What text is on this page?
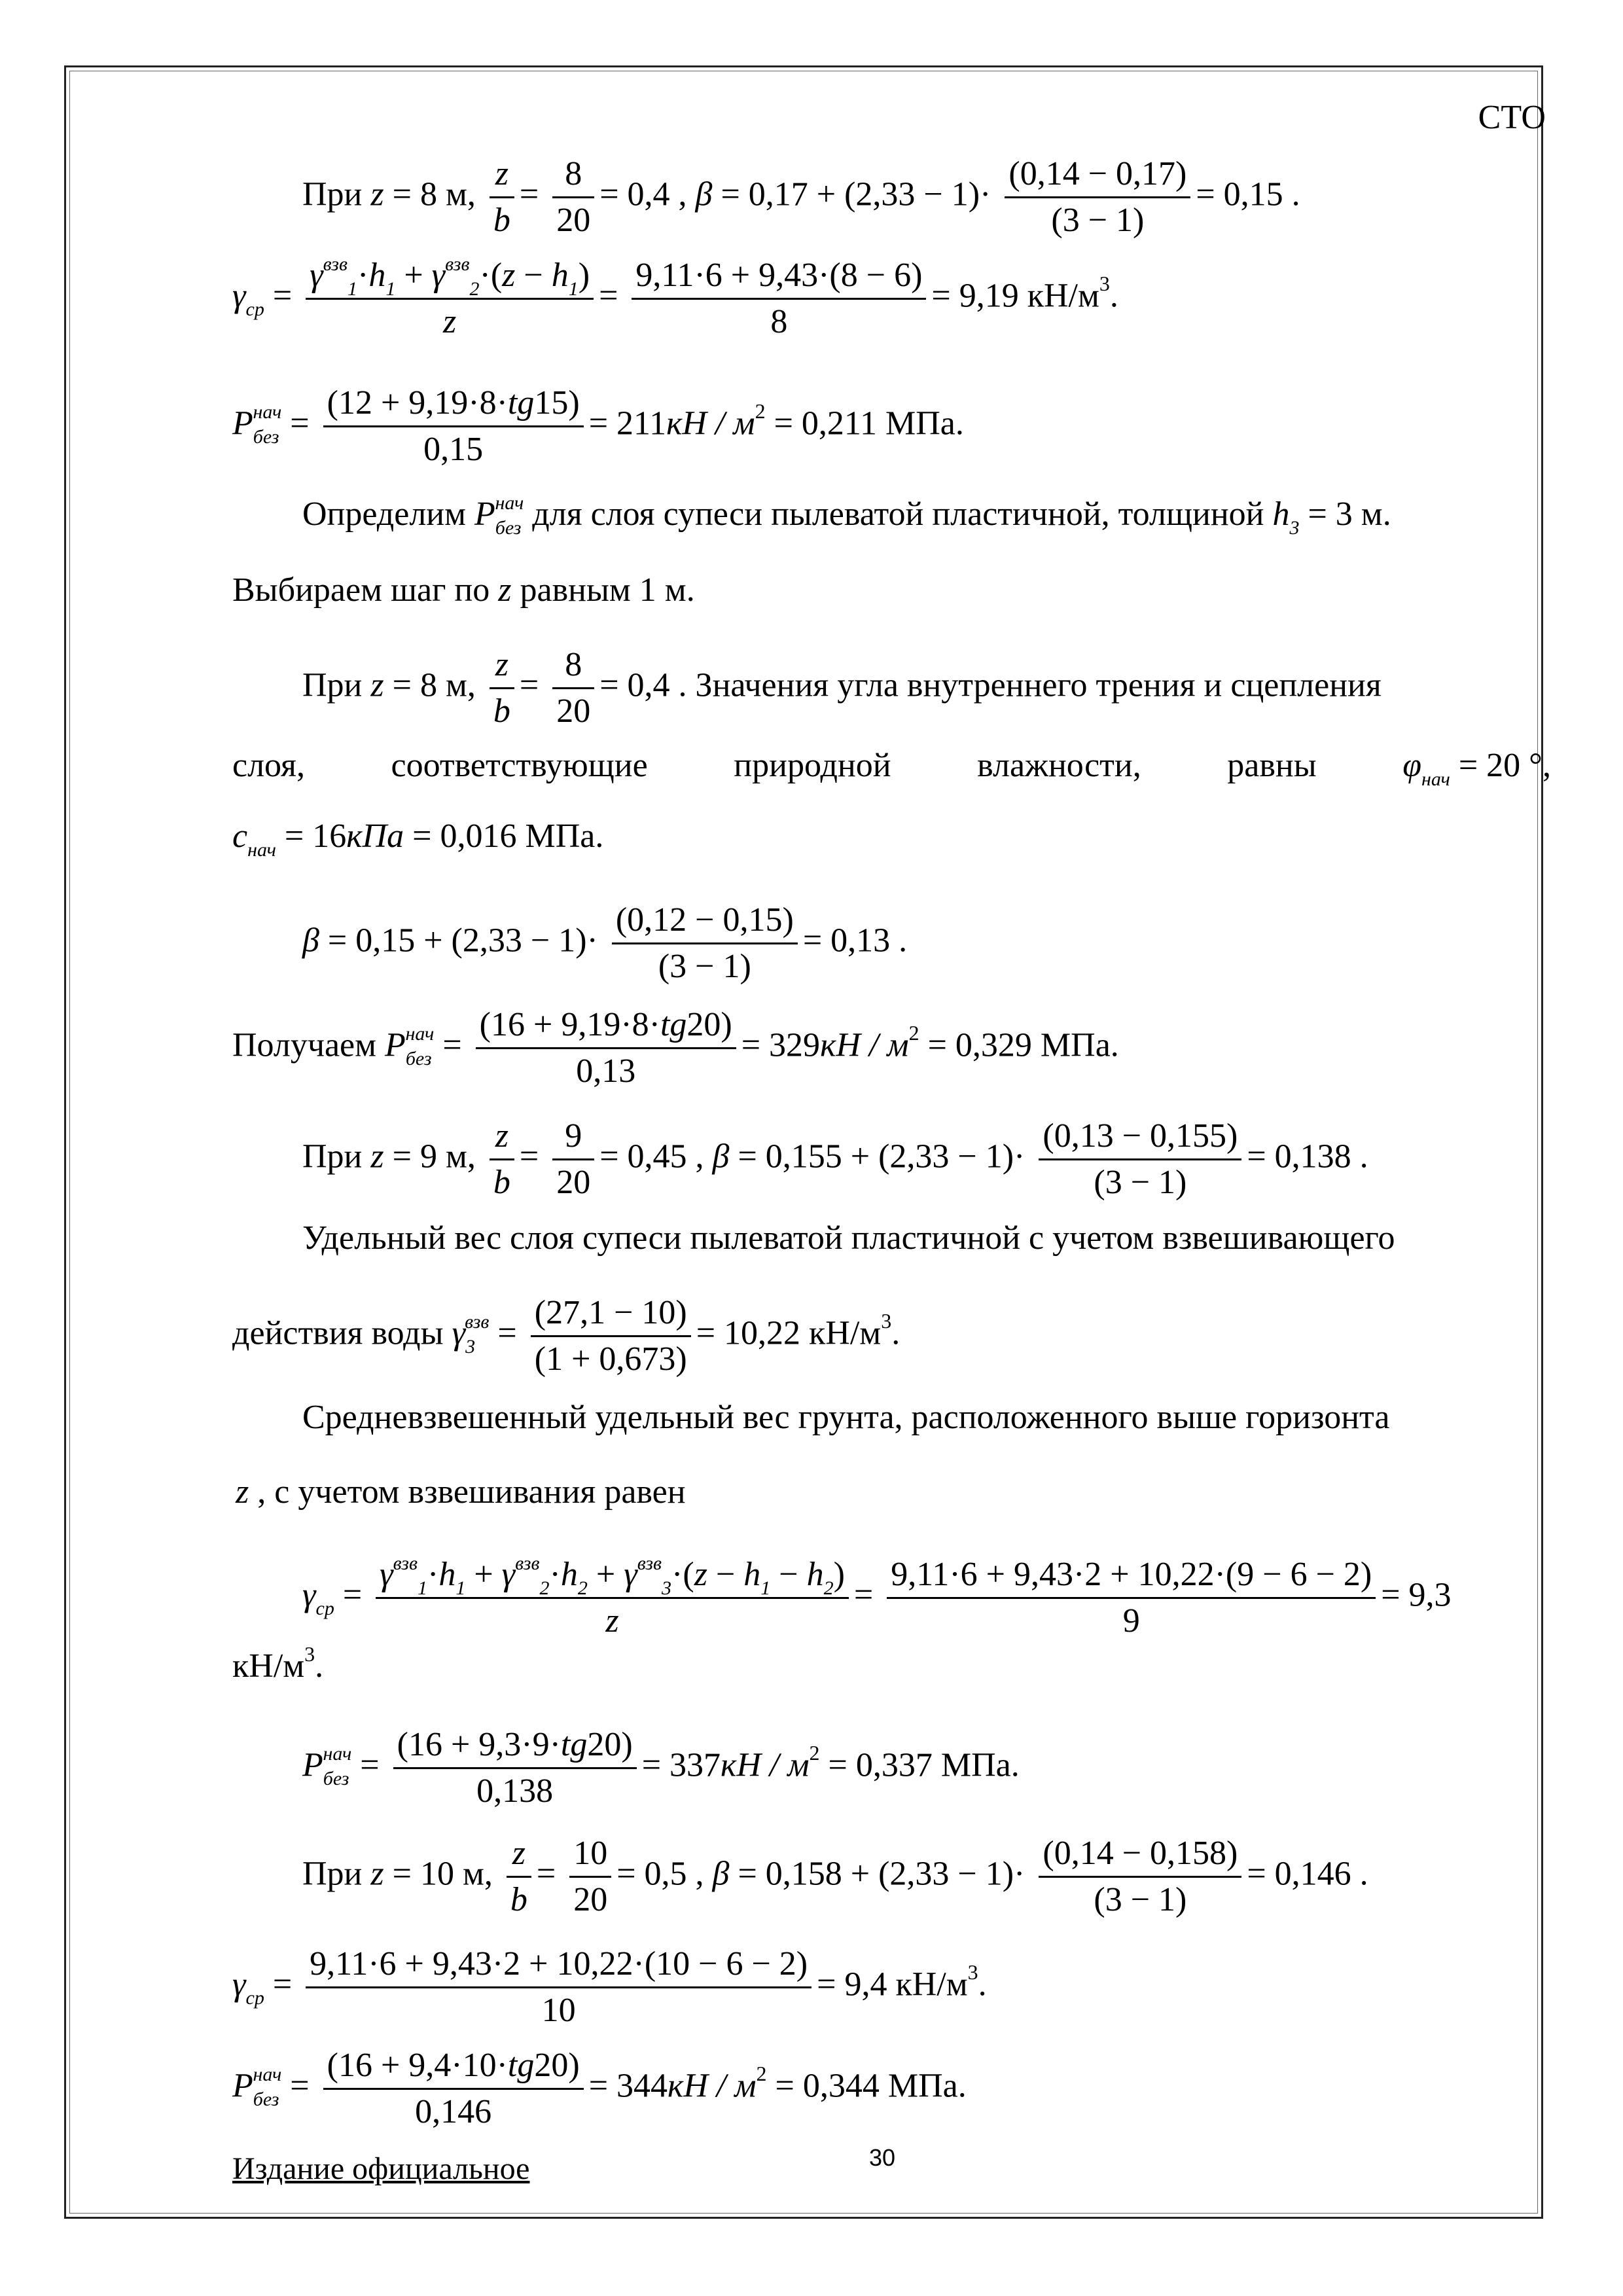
СТО
При z = 8 м, $\frac{z}{b} = \frac{8}{20} = 0,4$ , $\beta = 0,17 + (2,33 - 1)\cdot \frac{(0,14 - 0,17)}{(3 - 1)} = 0,15$ .
$\gamma_{ср} = \frac{\gamma^{взв}_1\cdot h_1 + \gamma^{взв}_2\cdot(z - h_1)}{z} = \frac{9,11\cdot 6 + 9,43\cdot(8 - 6)}{8} = 9,19$ $кН/м^3$.
$P_{без}^{нач} = \frac{(12 + 9,19\cdot 8\cdot tg15)}{0,15} = 211кН / м^2 = 0,211$ МПа.
Определим $P_{без}^{нач}$ для слоя супеси пылеватой пластичной, толщиной $h_3 = 3$ м.
Выбираем шаг по z равным 1 м.
При z = 8 м, $\frac{z}{b} = \frac{8}{20} = 0,4$ . Значения угла внутреннего трения и сцепления
слоя,	соответствующие	природной	влажности,	равны	$\varphi_{нач} = 20$ °,
$c_{нач} = 16кПа = 0,016$ МПа.
$\beta = 0,15 + (2,33 - 1)\cdot \frac{(0,12 - 0,15)}{(3 - 1)} = 0,13$ .
Получаем $P_{без}^{нач} = \frac{(16 + 9,19\cdot 8\cdot tg20)}{0,13} = 329кН / м^2 = 0,329$ МПа.
При z = 9 м, $\frac{z}{b} = \frac{9}{20} = 0,45$ , $\beta = 0,155 + (2,33 - 1)\cdot \frac{(0,13 - 0,155)}{(3 - 1)} = 0,138$ .
Удельный вес слоя супеси пылеватой пластичной с учетом взвешивающего
действия воды $\gamma_3^{взв} = \frac{(27,1 - 10)}{(1 + 0,673)} = 10,22$ $кН/м^3$.
Средневзвешенный удельный вес грунта, расположенного выше горизонта
z , с учетом взвешивания равен
$\gamma_{ср} = \frac{\gamma^{взв}_1\cdot h_1 + \gamma^{взв}_2\cdot h_2 + \gamma^{взв}_3\cdot(z - h_1 - h_2)}{z} = \frac{9,11\cdot 6 + 9,43\cdot 2 + 10,22\cdot(9 - 6 - 2)}{9} = 9,3$
$кН/м^3$.
$P_{без}^{нач} = \frac{(16 + 9,3\cdot 9\cdot tg20)}{0,138} = 337кН / м^2 = 0,337$ МПа.
При z = 10 м, $\frac{z}{b} = \frac{10}{20} = 0,5$ , $\beta = 0,158 + (2,33 - 1)\cdot \frac{(0,14 - 0,158)}{(3 - 1)} = 0,146$ .
$\gamma_{ср} = \frac{9,11\cdot 6 + 9,43\cdot 2 + 10,22\cdot(10 - 6 - 2)}{10} = 9,4$ $кН/м^3$.
$P_{без}^{нач} = \frac{(16 + 9,4\cdot 10\cdot tg20)}{0,146} = 344кН / м^2 = 0,344$ МПа.
Издание официальное	30
